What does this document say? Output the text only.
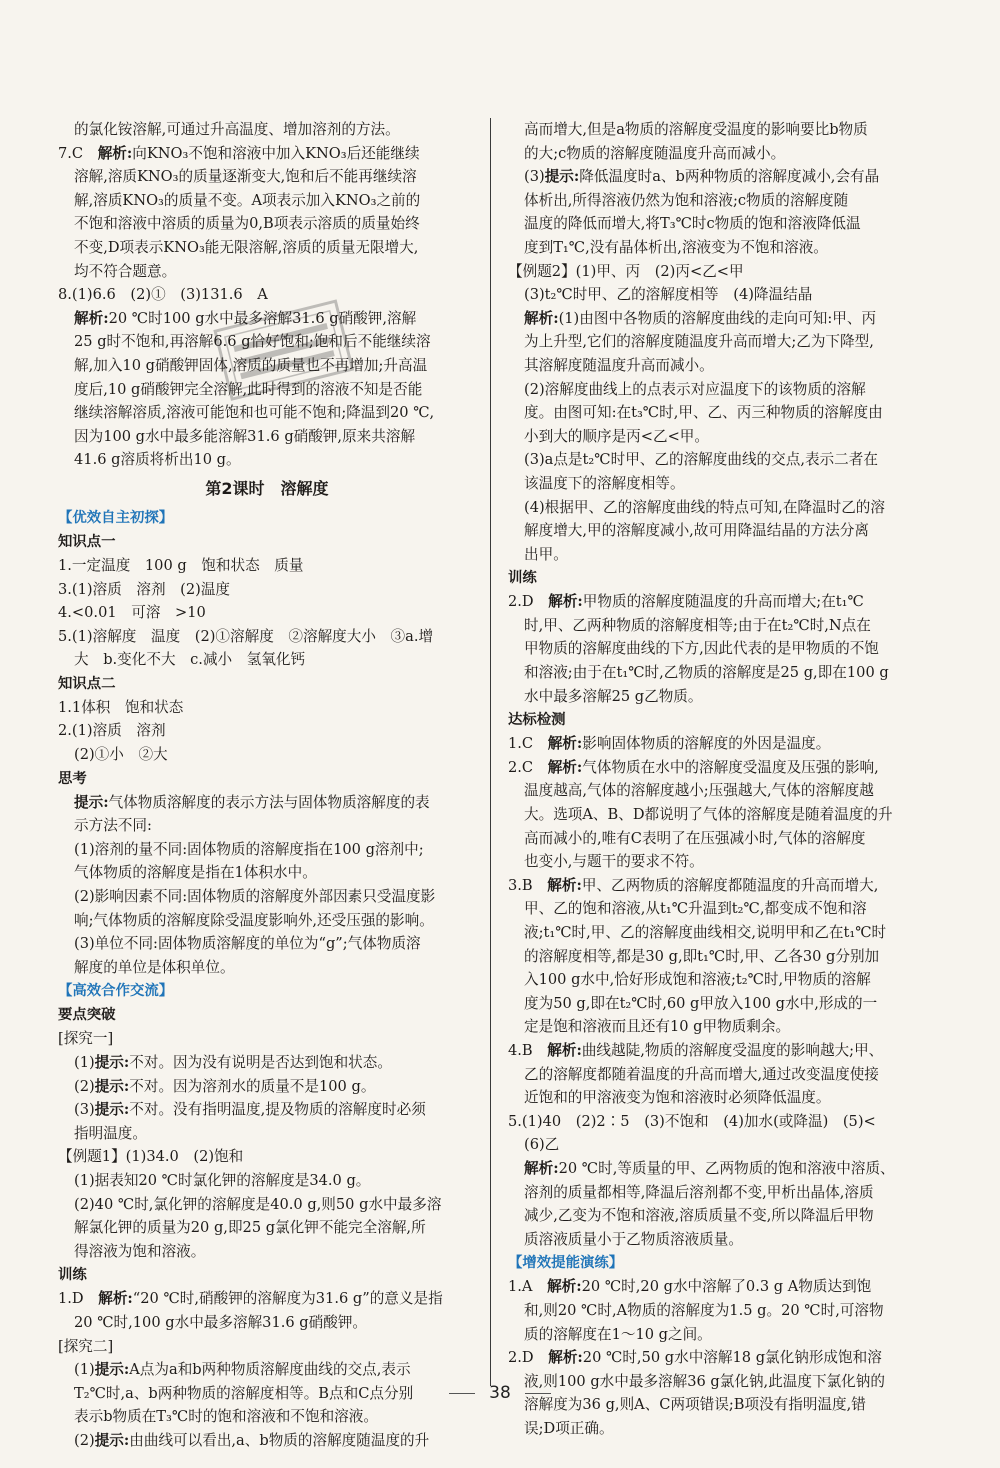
的氯化铵溶解,可通过升高温度、增加溶剂的方法。

7.C　解析:向KNO₃不饱和溶液中加入KNO₃后还能继续

溶解,溶质KNO₃的质量逐渐变大,饱和后不能再继续溶

解,溶质KNO₃的质量不变。A项表示加入KNO₃之前的

不饱和溶液中溶质的质量为0,B项表示溶质的质量始终

不变,D项表示KNO₃能无限溶解,溶质的质量无限增大,

均不符合题意。

8.(1)6.6　(2)①　(3)131.6　A

解析:20 ℃时100 g水中最多溶解31.6 g硝酸钾,溶解

25 g时不饱和,再溶解6.6 g恰好饱和;饱和后不能继续溶

解,加入10 g硝酸钾固体,溶质的质量也不再增加;升高温

度后,10 g硝酸钾完全溶解,此时得到的溶液不知是否能

继续溶解溶质,溶液可能饱和也可能不饱和;降温到20 ℃,

因为100 g水中最多能溶解31.6 g硝酸钾,原来共溶解

41.6 g溶质将析出10 g。

第2课时　溶解度
【优效自主初探】

知识点一

1.一定温度　100 g　饱和状态　质量

3.(1)溶质　溶剂　(2)温度

4.<0.01　可溶　>10

5.(1)溶解度　温度　(2)①溶解度　②溶解度大小　③a.增

大　b.变化不大　c.减小　氢氧化钙

知识点二

1.1体积　饱和状态

2.(1)溶质　溶剂

(2)①小　②大

思考

提示:气体物质溶解度的表示方法与固体物质溶解度的表

示方法不同:

(1)溶剂的量不同:固体物质的溶解度指在100 g溶剂中;

气体物质的溶解度是指在1体积水中。

(2)影响因素不同:固体物质的溶解度外部因素只受温度影

响;气体物质的溶解度除受温度影响外,还受压强的影响。

(3)单位不同:固体物质溶解度的单位为“g”;气体物质溶

解度的单位是体积单位。

【高效合作交流】

要点突破

[探究一]

(1)提示:不对。因为没有说明是否达到饱和状态。

(2)提示:不对。因为溶剂水的质量不是100 g。

(3)提示:不对。没有指明温度,提及物质的溶解度时必须

指明温度。

【例题1】(1)34.0　(2)饱和

(1)据表知20 ℃时氯化钾的溶解度是34.0 g。

(2)40 ℃时,氯化钾的溶解度是40.0 g,则50 g水中最多溶

解氯化钾的质量为20 g,即25 g氯化钾不能完全溶解,所

得溶液为饱和溶液。

训练

1.D　解析:“20 ℃时,硝酸钾的溶解度为31.6 g”的意义是指

20 ℃时,100 g水中最多溶解31.6 g硝酸钾。

[探究二]

(1)提示:A点为a和b两种物质溶解度曲线的交点,表示

T₂℃时,a、b两种物质的溶解度相等。B点和C点分别

表示b物质在T₃℃时的饱和溶液和不饱和溶液。

(2)提示:由曲线可以看出,a、b物质的溶解度随温度的升

高而增大,但是a物质的溶解度受温度的影响要比b物质

的大;c物质的溶解度随温度升高而减小。

(3)提示:降低温度时a、b两种物质的溶解度减小,会有晶

体析出,所得溶液仍然为饱和溶液;c物质的溶解度随

温度的降低而增大,将T₃℃时c物质的饱和溶液降低温

度到T₁℃,没有晶体析出,溶液变为不饱和溶液。

【例题2】(1)甲、丙　(2)丙<乙<甲

(3)t₂℃时甲、乙的溶解度相等　(4)降温结晶

解析:(1)由图中各物质的溶解度曲线的走向可知:甲、丙

为上升型,它们的溶解度随温度升高而增大;乙为下降型,

其溶解度随温度升高而减小。

(2)溶解度曲线上的点表示对应温度下的该物质的溶解

度。由图可知:在t₃℃时,甲、乙、丙三种物质的溶解度由

小到大的顺序是丙<乙<甲。

(3)a点是t₂℃时甲、乙的溶解度曲线的交点,表示二者在

该温度下的溶解度相等。

(4)根据甲、乙的溶解度曲线的特点可知,在降温时乙的溶

解度增大,甲的溶解度减小,故可用降温结晶的方法分离

出甲。

训练

2.D　解析:甲物质的溶解度随温度的升高而增大;在t₁℃

时,甲、乙两种物质的溶解度相等;由于在t₂℃时,N点在

甲物质的溶解度曲线的下方,因此代表的是甲物质的不饱

和溶液;由于在t₁℃时,乙物质的溶解度是25 g,即在100 g

水中最多溶解25 g乙物质。

达标检测

1.C　解析:影响固体物质的溶解度的外因是温度。

2.C　解析:气体物质在水中的溶解度受温度及压强的影响,

温度越高,气体的溶解度越小;压强越大,气体的溶解度越

大。选项A、B、D都说明了气体的溶解度是随着温度的升

高而减小的,唯有C表明了在压强减小时,气体的溶解度

也变小,与题干的要求不符。

3.B　解析:甲、乙两物质的溶解度都随温度的升高而增大,

甲、乙的饱和溶液,从t₁℃升温到t₂℃,都变成不饱和溶

液;t₁℃时,甲、乙的溶解度曲线相交,说明甲和乙在t₁℃时

的溶解度相等,都是30 g,即t₁℃时,甲、乙各30 g分别加

入100 g水中,恰好形成饱和溶液;t₂℃时,甲物质的溶解

度为50 g,即在t₂℃时,60 g甲放入100 g水中,形成的一

定是饱和溶液而且还有10 g甲物质剩余。

4.B　解析:曲线越陡,物质的溶解度受温度的影响越大;甲、

乙的溶解度都随着温度的升高而增大,通过改变温度使接

近饱和的甲溶液变为饱和溶液时必须降低温度。

5.(1)40　(2)2∶5　(3)不饱和　(4)加水(或降温)　(5)<

(6)乙

解析:20 ℃时,等质量的甲、乙两物质的饱和溶液中溶质、

溶剂的质量都相等,降温后溶剂都不变,甲析出晶体,溶质

减少,乙变为不饱和溶液,溶质质量不变,所以降温后甲物

质溶液质量小于乙物质溶液质量。

【增效提能演练】

1.A　解析:20 ℃时,20 g水中溶解了0.3 g A物质达到饱

和,则20 ℃时,A物质的溶解度为1.5 g。20 ℃时,可溶物

质的溶解度在1～10 g之间。

2.D　解析:20 ℃时,50 g水中溶解18 g氯化钠形成饱和溶

液,则100 g水中最多溶解36 g氯化钠,此温度下氯化钠的

溶解度为36 g,则A、C两项错误;B项没有指明温度,错

误;D项正确。

38
